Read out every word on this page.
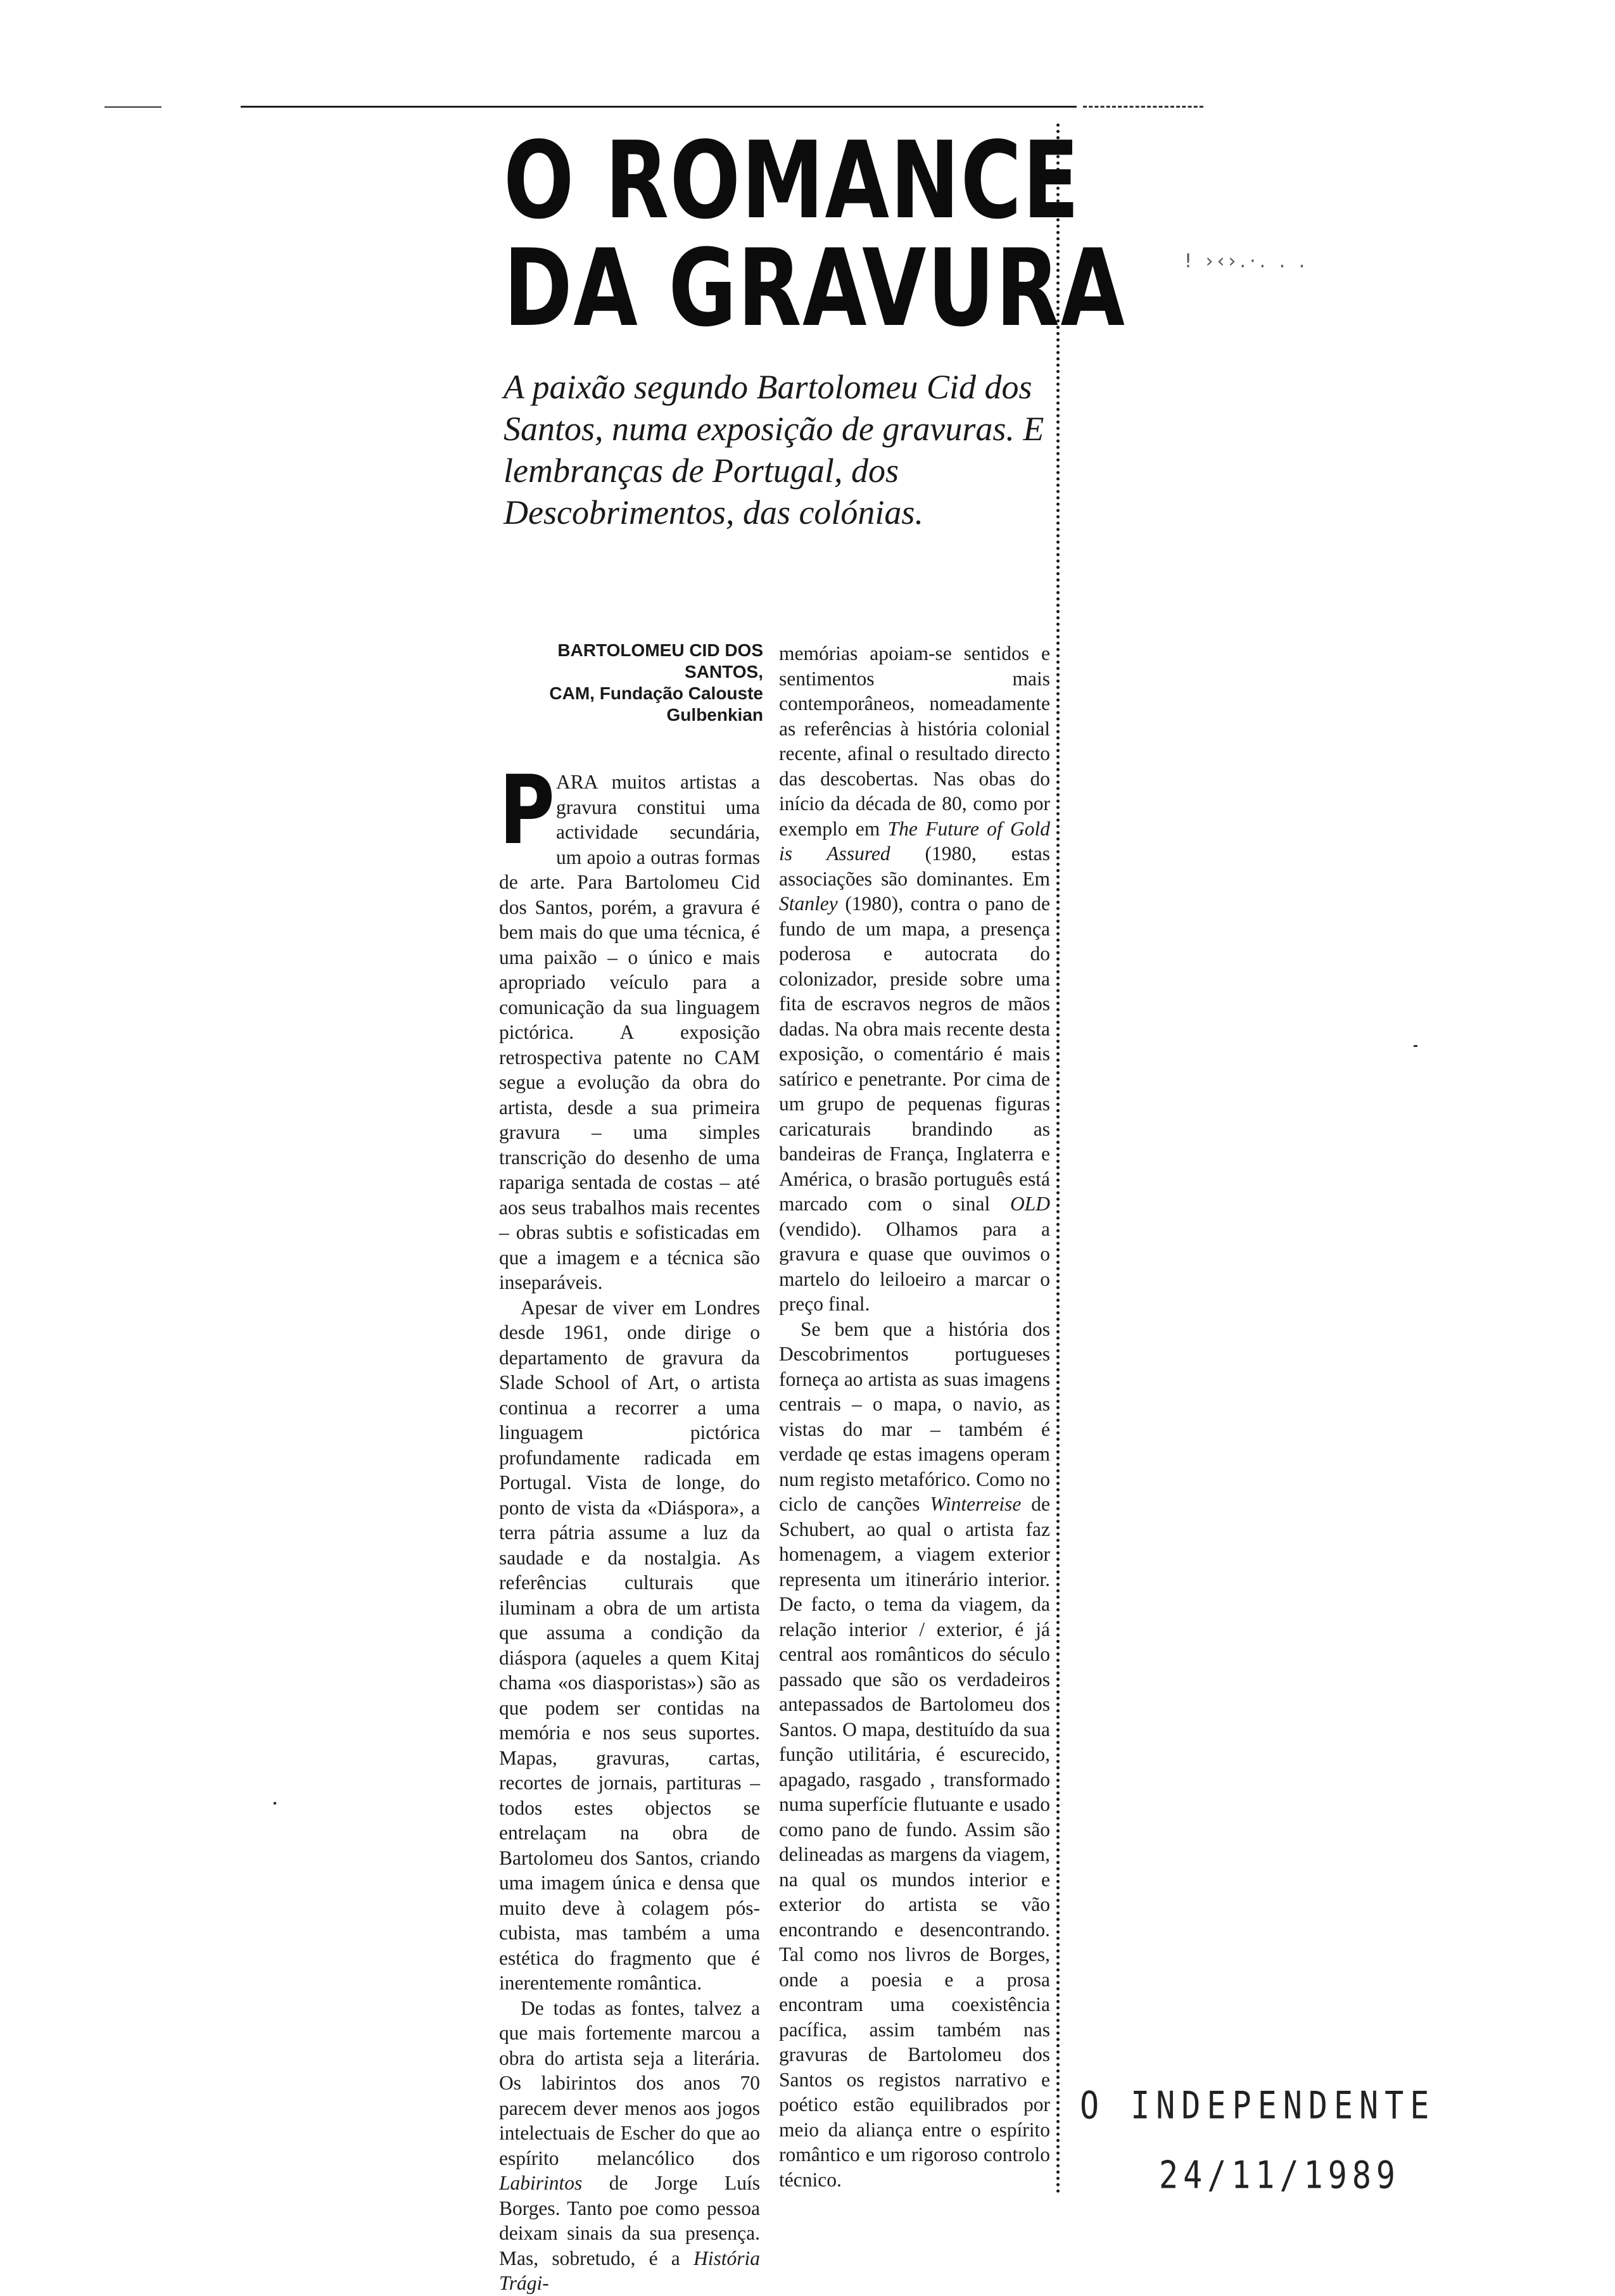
! ›‹›.·. . .
O ROMANCE
DA GRAVURA
A paixão segundo Bartolomeu Cid dos Santos, numa exposição de gravuras. E lembranças de Portugal, dos Descobrimentos, das colónias.
BARTOLOMEU CID DOS SANTOS,
CAM, Fundação Calouste Gulbenkian

PARA muitos artistas a gravura constitui uma actividade secundária, um apoio a outras formas de arte. Para Bartolomeu Cid dos Santos, porém, a gravura é bem mais do que uma técnica, é uma paixão – o único e mais apropriado veículo para a comunicação da sua linguagem pictórica. A exposição retrospectiva patente no CAM segue a evolução da obra do artista, desde a sua primeira gravura – uma simples transcrição do desenho de uma rapariga sentada de costas – até aos seus trabalhos mais recentes – obras subtis e sofisticadas em que a imagem e a técnica são inseparáveis.

Apesar de viver em Londres desde 1961, onde dirige o departamento de gravura da Slade School of Art, o artista continua a recorrer a uma linguagem pictórica profundamente radicada em Portugal. Vista de longe, do ponto de vista da «Diáspora», a terra pátria assume a luz da saudade e da nostalgia. As referências culturais que iluminam a obra de um artista que assuma a condição da diáspora (aqueles a quem Kitaj chama «os diasporistas») são as que podem ser contidas na memória e nos seus suportes. Mapas, gravuras, cartas, recortes de jornais, partituras – todos estes objectos se entrelaçam na obra de Bartolomeu dos Santos, criando uma imagem única e densa que muito deve à colagem pós-cubista, mas também a uma estética do fragmento que é inerentemente romântica.

De todas as fontes, talvez a que mais fortemente marcou a obra do artista seja a literária. Os labirintos dos anos 70 parecem dever menos aos jogos intelectuais de Escher do que ao espírito melancólico dos Labirintos de Jorge Luís Borges. Tanto poe como pessoa deixam sinais da sua presença. Mas, sobretudo, é a História Trági-

memórias apoiam-se sentidos e sentimentos mais contemporâneos, nomeadamente as referências à história colonial recente, afinal o resultado directo das descobertas. Nas obas do início da década de 80, como por exemplo em The Future of Gold is Assured (1980, estas associações são dominantes. Em Stanley (1980), contra o pano de fundo de um mapa, a presença poderosa e autocrata do colonizador, preside sobre uma fita de escravos negros de mãos dadas. Na obra mais recente desta exposição, o comentário é mais satírico e penetrante. Por cima de um grupo de pequenas figuras caricaturais brandindo as bandeiras de França, Inglaterra e América, o brasão português está marcado com o sinal OLD (vendido). Olhamos para a gravura e quase que ouvimos o martelo do leiloeiro a marcar o preço final.

Se bem que a história dos Descobrimentos portugueses forneça ao artista as suas imagens centrais – o mapa, o navio, as vistas do mar – também é verdade qe estas imagens operam num registo metafórico. Como no ciclo de canções Winterreise de Schubert, ao qual o artista faz homenagem, a viagem exterior representa um itinerário interior. De facto, o tema da viagem, da relação interior / exterior, é já central aos românticos do século passado que são os verdadeiros antepassados de Bartolomeu dos Santos. O mapa, destituído da sua função utilitária, é escurecido, apagado, rasgado , transformado numa superfície flutuante e usado como pano de fundo. Assim são delineadas as margens da viagem, na qual os mundos interior e exterior do artista se vão encontrando e desencontrando. Tal como nos livros de Borges, onde a poesia e a prosa encontram uma coexistência pacífica, assim também nas gravuras de Bartolomeu dos Santos os registos narrativo e poético estão equilibrados por meio da aliança entre o espírito romântico e um rigoroso controlo técnico.

O INDEPENDENTE
24/11/1989
